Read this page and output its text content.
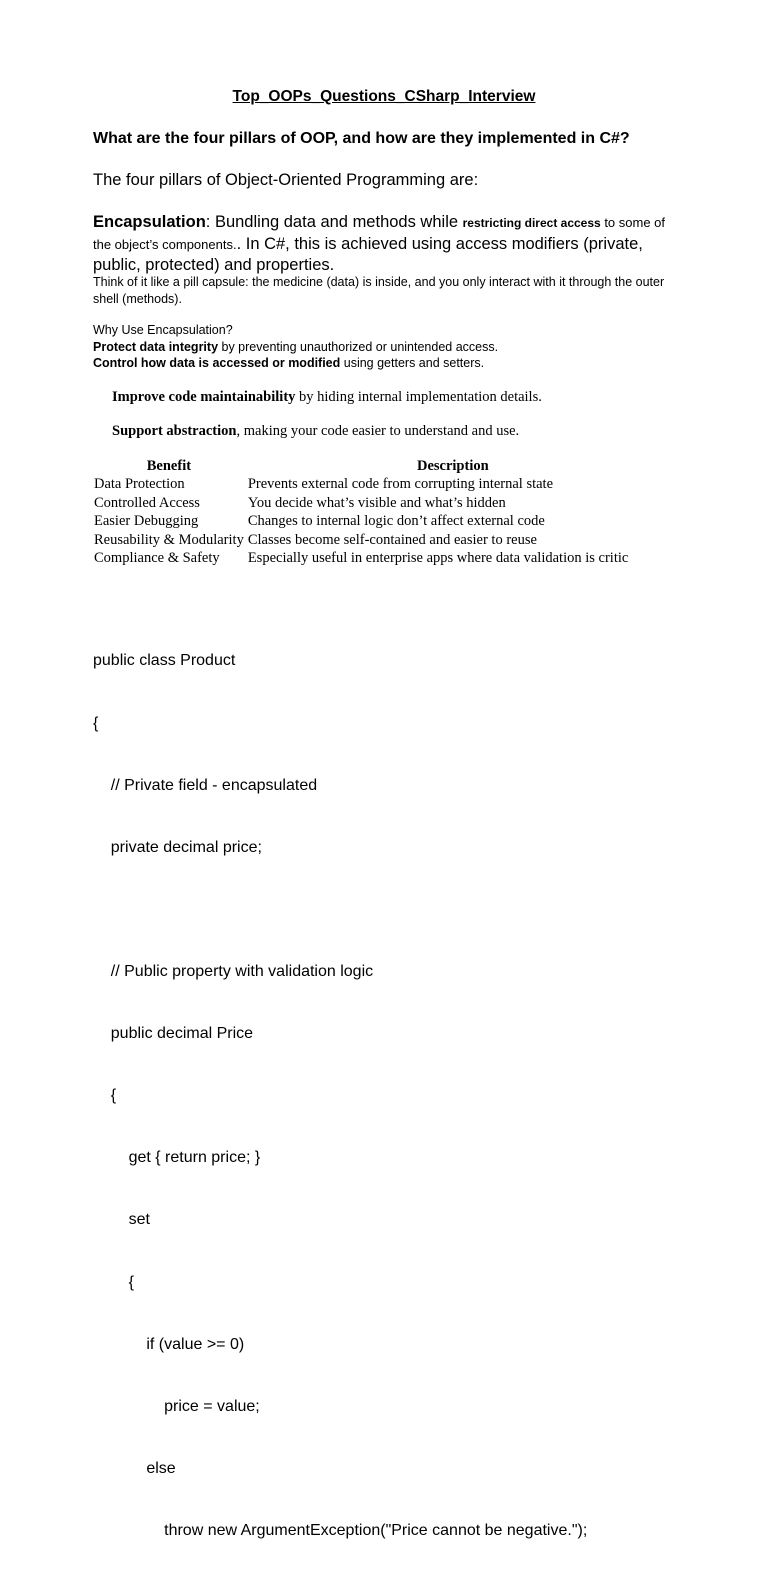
Top_OOPs_Questions_CSharp_Interview
What are the four pillars of OOP, and how are they implemented in C#?
The four pillars of Object-Oriented Programming are:
Encapsulation: Bundling data and methods while restricting direct access to some of the object’s components.. In C#, this is achieved using access modifiers (private, public, protected) and properties.
Think of it like a pill capsule: the medicine (data) is inside, and you only interact with it through the outer shell (methods).
Why Use Encapsulation?
Protect data integrity by preventing unauthorized or unintended access.
Control how data is accessed or modified using getters and setters.
Improve code maintainability by hiding internal implementation details.
Support abstraction, making your code easier to understand and use.
Benefit	Description
Data Protection	Prevents external code from corrupting internal state
Controlled Access	You decide what’s visible and what’s hidden
Easier Debugging	Changes to internal logic don’t affect external code
Reusability & Modularity	Classes become self-contained and easier to reuse
Compliance & Safety	Especially useful in enterprise apps where data validation is critic

public class Product

{

// Private field - encapsulated

private decimal price;

// Public property with validation logic

public decimal Price

{

get { return price; }

set

{

if (value >= 0)

price = value;

else

throw new ArgumentException("Price cannot be negative.");
